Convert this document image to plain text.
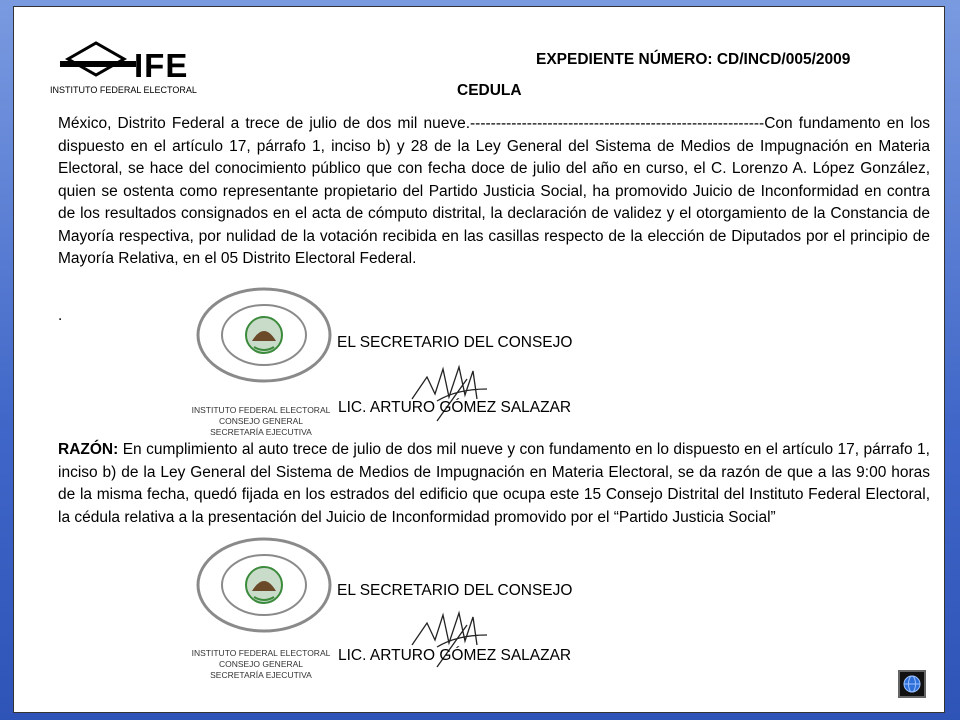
IFE
INSTITUTO FEDERAL ELECTORAL
EXPEDIENTE NÚMERO: CD/INCD/005/2009
CEDULA
México, Distrito Federal a trece de julio de dos mil nueve.---------------------------------------------------------Con fundamento en los dispuesto en el artículo 17, párrafo 1, inciso b) y 28 de la Ley General del Sistema de Medios de Impugnación en Materia Electoral, se hace del conocimiento público que con fecha doce de julio del año en curso, el C. Lorenzo A. López González, quien se ostenta como representante propietario del Partido Justicia Social, ha promovido Juicio de Inconformidad en contra de los resultados consignados en el acta de cómputo distrital, la declaración de validez y el otorgamiento de la Constancia de Mayoría respectiva, por nulidad de la votación recibida en las casillas respecto de la elección de Diputados por el principio de Mayoría Relativa, en el 05 Distrito Electoral Federal.
.
INSTITUTO FEDERAL ELECTORAL
CONSEJO GENERAL
SECRETARÍA EJECUTIVA
EL SECRETARIO DEL CONSEJO
LIC. ARTURO GÓMEZ SALAZAR
RAZÓN: En cumplimiento al auto trece de julio de dos mil nueve y con fundamento en lo dispuesto en el artículo 17, párrafo 1, inciso b) de la Ley General del Sistema de Medios de Impugnación en Materia Electoral, se da razón de que a las 9:00 horas de la misma fecha, quedó fijada en los estrados del edificio que ocupa este 15 Consejo Distrital del Instituto Federal Electoral, la cédula relativa a la presentación del Juicio de Inconformidad promovido por el “Partido Justicia Social”
INSTITUTO FEDERAL ELECTORAL
CONSEJO GENERAL
SECRETARÍA EJECUTIVA
EL SECRETARIO DEL CONSEJO
LIC. ARTURO GÓMEZ SALAZAR
